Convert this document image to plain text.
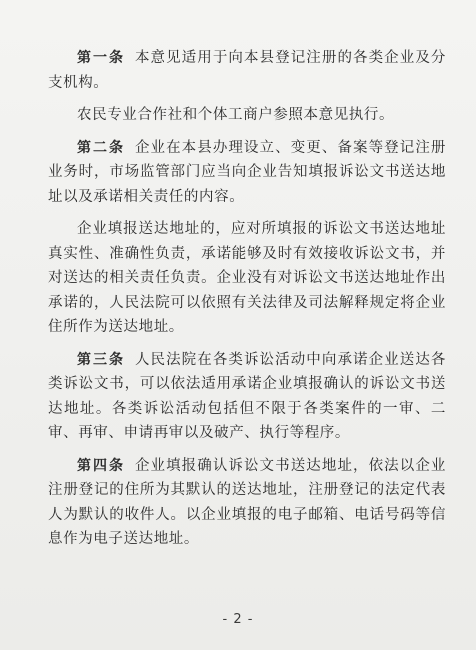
第一条 本意见适用于向本县登记注册的各类企业及分支机构。

农民专业合作社和个体工商户参照本意见执行。

第二条 企业在本县办理设立、变更、备案等登记注册业务时，市场监管部门应当向企业告知填报诉讼文书送达地址以及承诺相关责任的内容。

企业填报送达地址的，应对所填报的诉讼文书送达地址真实性、准确性负责，承诺能够及时有效接收诉讼文书，并对送达的相关责任负责。企业没有对诉讼文书送达地址作出承诺的，人民法院可以依照有关法律及司法解释规定将企业住所作为送达地址。

第三条 人民法院在各类诉讼活动中向承诺企业送达各类诉讼文书，可以依法适用承诺企业填报确认的诉讼文书送达地址。各类诉讼活动包括但不限于各类案件的一审、二审、再审、申请再审以及破产、执行等程序。

第四条 企业填报确认诉讼文书送达地址，依法以企业注册登记的住所为其默认的送达地址，注册登记的法定代表人为默认的收件人。以企业填报的电子邮箱、电话号码等信息作为电子送达地址。

- 2 -
